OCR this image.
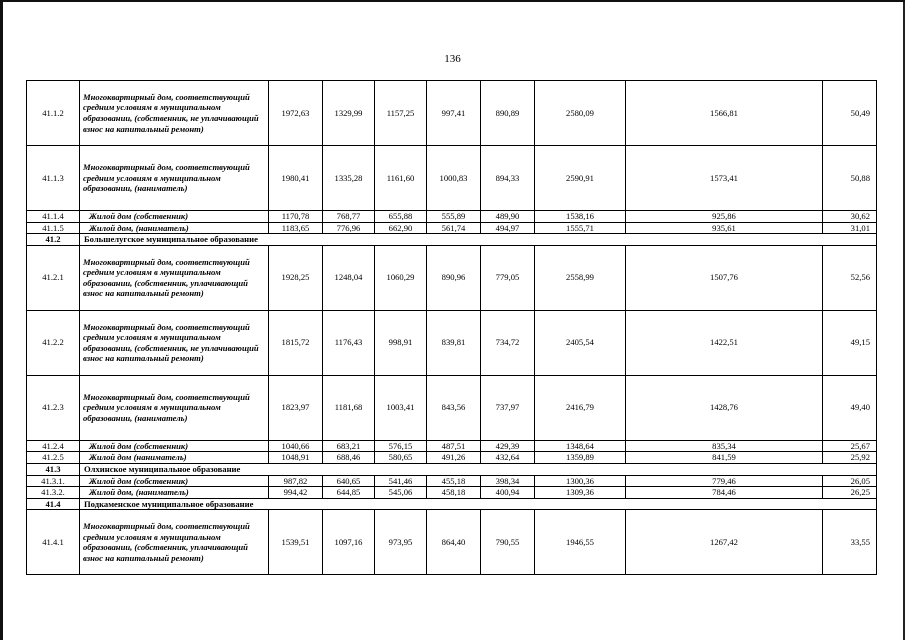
136
41.1.2	Многоквартирный дом, соответствующий средним условиям в муниципальном образовании, (собственник, не уплачивающий взнос на капитальный ремонт)	1972,63	1329,99	1157,25	997,41	890,89	2580,09	1566,81	50,49
41.1.3	Многоквартирный дом, соответствующий средним условиям в муниципальном образовании, (наниматель)	1980,41	1335,28	1161,60	1000,83	894,33	2590,91	1573,41	50,88
41.1.4	Жилой дом (собственник)	1170,78	768,77	655,88	555,89	489,90	1538,16	925,86	30,62
41.1.5	Жилой дом, (наниматель)	1183,65	776,96	662,90	561,74	494,97	1555,71	935,61	31,01
41.2	Большелугское муниципальное образование								
41.2.1	Многоквартирный дом, соответствующий средним условиям в муниципальном образовании, (собственник, уплачивающий взнос на капитальный ремонт)	1928,25	1248,04	1060,29	890,96	779,05	2558,99	1507,76	52,56
41.2.2	Многоквартирный дом, соответствующий средним условиям в муниципальном образовании, (собственник, не уплачивающий взнос на капитальный ремонт)	1815,72	1176,43	998,91	839,81	734,72	2405,54	1422,51	49,15
41.2.3	Многоквартирный дом, соответствующий средним условиям в муниципальном образовании, (наниматель)	1823,97	1181,68	1003,41	843,56	737,97	2416,79	1428,76	49,40
41.2.4	Жилой дом (собственник)	1040,66	683,21	576,15	487,51	429,39	1348,64	835,34	25,67
41.2.5	Жилой дом (наниматель)	1048,91	688,46	580,65	491,26	432,64	1359,89	841,59	25,92
41.3	Олхинское муниципальное образование								
41.3.1.	Жилой дом (собственник)	987,82	640,65	541,46	455,18	398,34	1300,36	779,46	26,05
41.3.2.	Жилой дом, (наниматель)	994,42	644,85	545,06	458,18	400,94	1309,36	784,46	26,25
41.4	Подкаменское муниципальное образование								
41.4.1	Многоквартирный дом, соответствующий средним условиям в муниципальном образовании, (собственник, уплачивающий взнос на капитальный ремонт)	1539,51	1097,16	973,95	864,40	790,55	1946,55	1267,42	33,55
